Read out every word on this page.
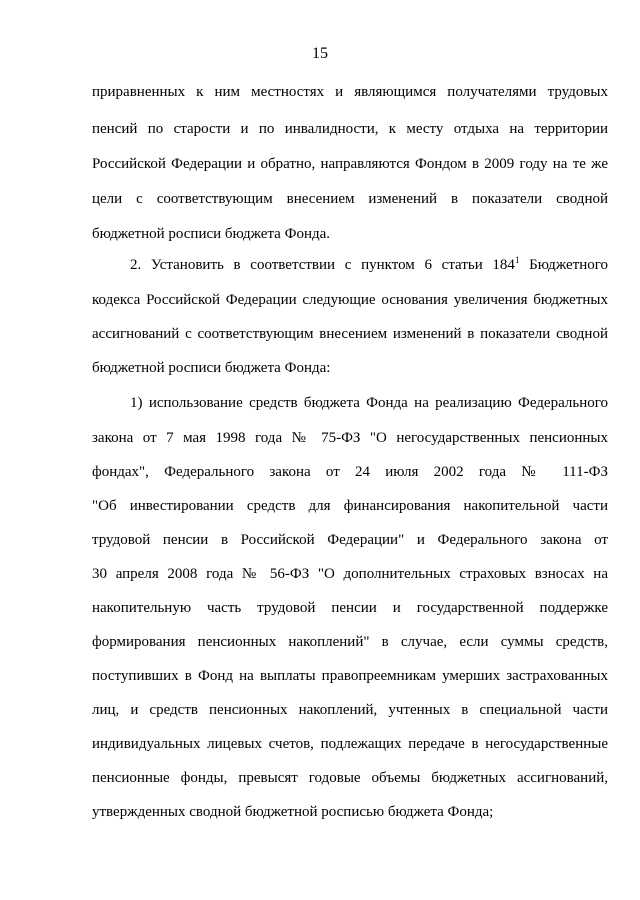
15
приравненных к ним местностях и являющимся получателями трудовых
пенсий по старости и по инвалидности, к месту отдыха на территории
Российской Федерации и обратно, направляются Фондом в 2009 году на те же
цели с соответствующим внесением изменений в показатели сводной
бюджетной росписи бюджета Фонда.
2. Установить в соответствии с пунктом 6 статьи $184^1$ Бюджетного
кодекса Российской Федерации следующие основания увеличения бюджетных
ассигнований с соответствующим внесением изменений в показатели сводной
бюджетной росписи бюджета Фонда:
1) использование средств бюджета Фонда на реализацию Федерального
закона от 7 мая 1998 года № 75-ФЗ "О негосударственных пенсионных
фондах", Федерального закона от 24 июля 2002 года № 111-ФЗ
"Об инвестировании средств для финансирования накопительной части
трудовой пенсии в Российской Федерации" и Федерального закона от
30 апреля 2008 года № 56-ФЗ "О дополнительных страховых взносах на
накопительную часть трудовой пенсии и государственной поддержке
формирования пенсионных накоплений" в случае, если суммы средств,
поступивших в Фонд на выплаты правопреемникам умерших застрахованных
лиц, и средств пенсионных накоплений, учтенных в специальной части
индивидуальных лицевых счетов, подлежащих передаче в негосударственные
пенсионные фонды, превысят годовые объемы бюджетных ассигнований,
утвержденных сводной бюджетной росписью бюджета Фонда;
